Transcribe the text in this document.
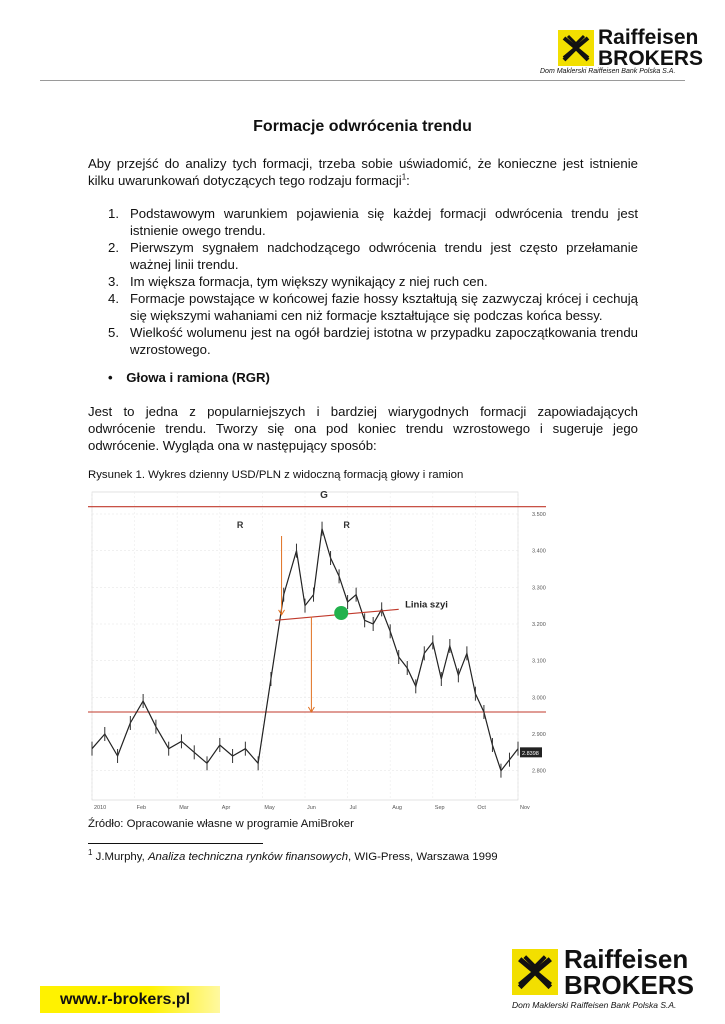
Raiffeisen
BROKERS
Dom Maklerski Raiffeisen Bank Polska S.A.
Formacje odwrócenia trendu

Aby przejść do analizy tych formacji, trzeba sobie uświadomić, że konieczne jest istnienie kilku uwarunkowań dotyczących tego rodzaju formacji$^1$:

1. Podstawowym warunkiem pojawienia się każdej formacji odwrócenia trendu jest istnienie owego trendu.
2. Pierwszym sygnałem nadchodzącego odwrócenia trendu jest często przełamanie ważnej linii trendu.
3. Im większa formacja, tym większy wynikający z niej ruch cen.
4. Formacje powstające w końcowej fazie hossy kształtują się zazwyczaj krócej i cechują się większymi wahaniami cen niż formacje kształtujące się podczas końca bessy.
5. Wielkość wolumenu jest na ogół bardziej istotna w przypadku zapoczątkowania trendu wzrostowego.
• Głowa i ramiona (RGR)

Jest to jedna z popularniejszych i bardziej wiarygodnych formacji zapowiadających odwrócenie trendu. Tworzy się ona pod koniec trendu wzrostowego i sugeruje jego odwrócenie. Wygląda ona w następujący sposób:

Rysunek 1. Wykres dzienny USD/PLN z widoczną formacją głowy i ramion
G
R	R
Linia szyi
2.8398
3.500
3.400
3.300
3.200
3.100
3.000
2.900
2.800
2010	Feb	Mar	Apr	May	Jun	Jul	Aug	Sep	Oct	Nov
Źródło: Opracowanie własne w programie AmiBroker
$^1$ J.Murphy, Analiza techniczna rynków finansowych, WIG-Press, Warszawa 1999
Raiffeisen
BROKERS
Dom Maklerski Raiffeisen Bank Polska S.A.
www.r-brokers.pl
